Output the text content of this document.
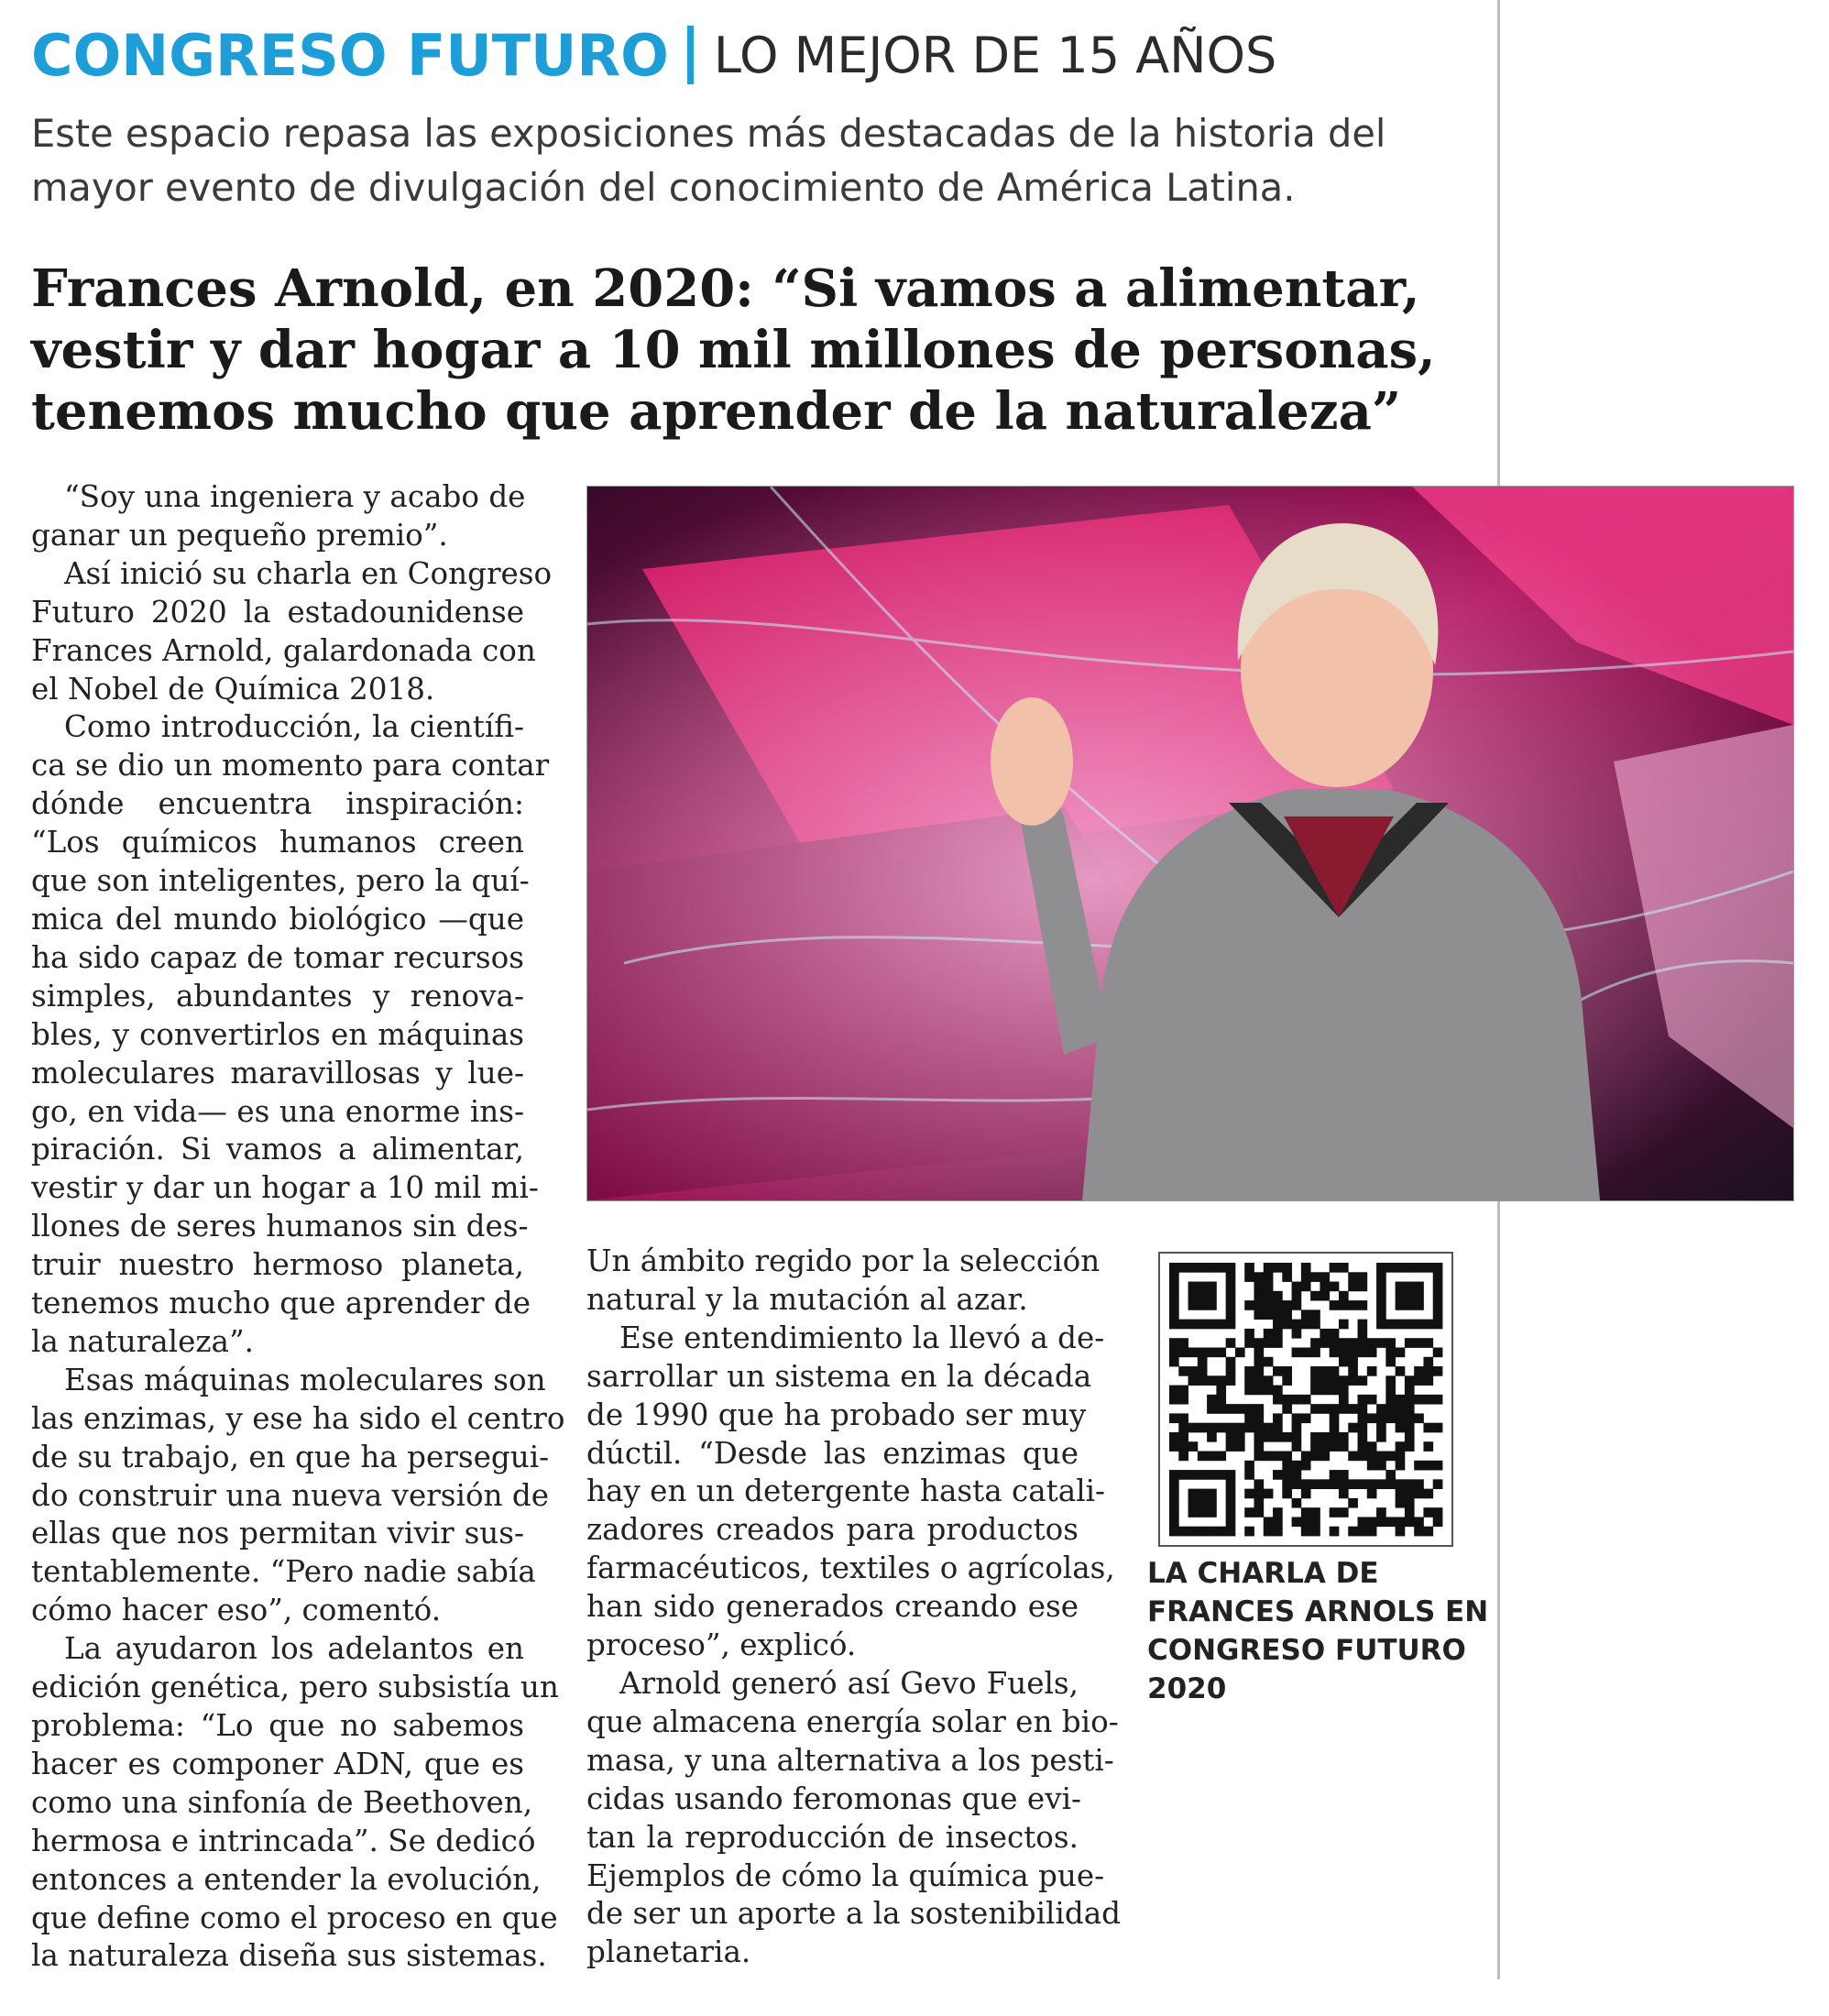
CONGRESO FUTURO LO MEJOR DE 15 AÑOS
Este espacio repasa las exposiciones más destacadas de la historia del
mayor evento de divulgación del conocimiento de América Latina.
Frances Arnold, en 2020: “Si vamos a alimentar,
vestir y dar hogar a 10 mil millones de personas,
tenemos mucho que aprender de la naturaleza”
“Soy una ingeniera y acabo de
ganar un pequeño premio”.
Así inició su charla en Congreso
Futuro 2020 la estadounidense
Frances Arnold, galardonada con
el Nobel de Química 2018.
Como introducción, la científi-
ca se dio un momento para contar
dónde encuentra inspiración:
“Los químicos humanos creen
que son inteligentes, pero la quí-
mica del mundo biológico —que
ha sido capaz de tomar recursos
simples, abundantes y renova-
bles, y convertirlos en máquinas
moleculares maravillosas y lue-
go, en vida— es una enorme ins-
piración. Si vamos a alimentar,
vestir y dar un hogar a 10 mil mi-
llones de seres humanos sin des-
truir nuestro hermoso planeta,
tenemos mucho que aprender de
la naturaleza”.
Esas máquinas moleculares son
las enzimas, y ese ha sido el centro
de su trabajo, en que ha persegui-
do construir una nueva versión de
ellas que nos permitan vivir sus-
tentablemente. “Pero nadie sabía
cómo hacer eso”, comentó.
La ayudaron los adelantos en
edición genética, pero subsistía un
problema: “Lo que no sabemos
hacer es componer ADN, que es
como una sinfonía de Beethoven,
hermosa e intrincada”. Se dedicó
entonces a entender la evolución,
que define como el proceso en que
la naturaleza diseña sus sistemas.
Un ámbito regido por la selección
natural y la mutación al azar.
Ese entendimiento la llevó a de-
sarrollar un sistema en la década
de 1990 que ha probado ser muy
dúctil. “Desde las enzimas que
hay en un detergente hasta catali-
zadores creados para productos
farmacéuticos, textiles o agrícolas,
han sido generados creando ese
proceso”, explicó.
Arnold generó así Gevo Fuels,
que almacena energía solar en bio-
masa, y una alternativa a los pesti-
cidas usando feromonas que evi-
tan la reproducción de insectos.
Ejemplos de cómo la química pue-
de ser un aporte a la sostenibilidad
planetaria.
LA CHARLA DE
FRANCES ARNOLS EN
CONGRESO FUTURO
2020
